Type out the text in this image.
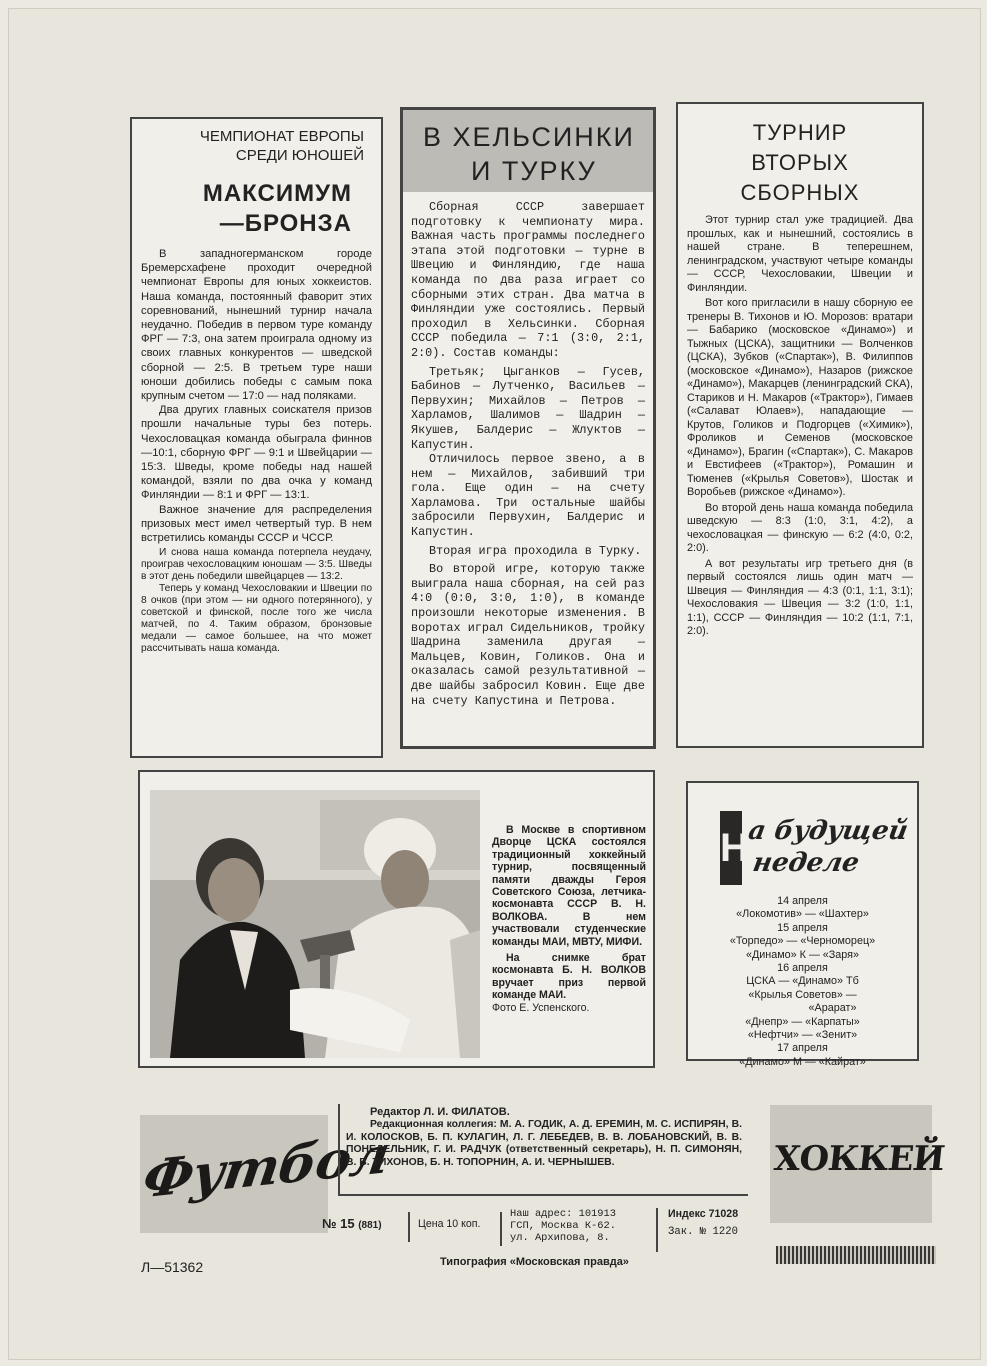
ЧЕМПИОНАТ ЕВРОПЫ
СРЕДИ ЮНОШЕЙ
МАКСИМУМ
—БРОНЗА

В западногерманском городе Бремерсхафене проходит очередной чемпионат Европы для юных хоккеистов. Наша команда, постоянный фаворит этих соревнований, нынешний турнир начала неудачно. Победив в первом туре команду ФРГ — 7:3, она затем проиграла одному из своих главных конкурентов — шведской сборной — 2:5. В третьем туре наши юноши добились победы с самым пока крупным счетом — 17:0 — над поляками.

Два других главных соискателя призов прошли начальные туры без потерь. Чехословацкая команда обыграла финнов—10:1, сборную ФРГ — 9:1 и Швейцарии — 15:3. Шведы, кроме победы над нашей командой, взяли по два очка у команд Финляндии — 8:1 и ФРГ — 13:1.

Важное значение для распределения призовых мест имел четвертый тур. В нем встретились команды СССР и ЧССР.

И снова наша команда потерпела неудачу, проиграв чехословацким юношам — 3:5. Шведы в этот день победили швейцарцев — 13:2.

Теперь у команд Чехословакии и Швеции по 8 очков (при этом — ни одного потерянного), у советской и финской, после того же числа матчей, по 4. Таким образом, бронзовые медали — самое большее, на что может рассчитывать наша команда.

В ХЕЛЬСИНКИ
И ТУРКУ

Сборная СССР завершает подготовку к чемпионату мира. Важная часть программы последнего этапа этой подготовки — турне в Швецию и Финляндию, где наша команда по два раза играет со сборными этих стран. Два матча в Финляндии уже состоялись. Первый проходил в Хельсинки. Сборная СССР победила — 7:1 (3:0, 2:1, 2:0). Состав команды:

Третьяк; Цыганков — Гусев, Бабинов — Лутченко, Васильев — Первухин; Михайлов — Петров — Харламов, Шалимов — Шадрин — Якушев, Балдерис — Жлуктов — Капустин.

Отличилось первое звено, а в нем — Михайлов, забивший три гола. Еще один — на счету Харламова. Три остальные шайбы забросили Первухин, Балдерис и Капустин.

Вторая игра проходила в Турку.

Во второй игре, которую также выиграла наша сборная, на сей раз 4:0 (0:0, 3:0, 1:0), в команде произошли некоторые изменения. В воротах играл Сидельников, тройку Шадрина заменила другая — Мальцев, Ковин, Голиков. Она и оказалась самой результативной — две шайбы забросил Ковин. Еще две на счету Капустина и Петрова.

ТУРНИР
ВТОРЫХ
СБОРНЫХ

Этот турнир стал уже традицией. Два прошлых, как и нынешний, состоялись в нашей стране. В теперешнем, ленинградском, участвуют четыре команды — СССР, Чехословакии, Швеции и Финляндии.

Вот кого пригласили в нашу сборную ее тренеры В. Тихонов и Ю. Морозов: вратари — Бабарико (московское «Динамо») и Тыжных (ЦСКА), защитники — Волченков (ЦСКА), Зубков («Спартак»), В. Филиппов (московское «Динамо»), Назаров (рижское «Динамо»), Макарцев (ленинградский СКА), Стариков и Н. Макаров («Трактор»), Гимаев («Салават Юлаев»), нападающие — Крутов, Голиков и Подгорцев («Химик»), Фроликов и Семенов (московское «Динамо»), Брагин («Спартак»), С. Макаров и Евстифеев («Трактор»), Ромашин и Тюменев («Крылья Советов»), Шостак и Воробьев (рижское «Динамо»).

Во второй день наша команда победила шведскую — 8:3 (1:0, 3:1, 4:2), а чехословацкая — финскую — 6:2 (4:0, 0:2, 2:0).

А вот результаты игр третьего дня (в первый состоялся лишь один матч — Швеция — Финляндия — 4:3 (0:1, 1:1, 3:1); Чехословакия — Швеция — 3:2 (1:0, 1:1, 1:1), СССР — Финляндия — 10:2 (1:1, 7:1, 2:0).

В Москве в спортивном Дворце ЦСКА состоялся традиционный хоккейный турнир, посвященный памяти дважды Героя Советского Союза, летчика-космонавта СССР В. Н. ВОЛКОВА. В нем участвовали студенческие команды МАИ, МВТУ, МИФИ.

На снимке брат космонавта Б. Н. ВОЛКОВ вручает приз первой команде МАИ.

Фото Е. Успенского.

Н
а будущей
неделе
14 апреля
«Локомотив» — «Шахтер»
15 апреля
«Торпедо» — «Черноморец»
«Динамо» К — «Заря»
16 апреля
ЦСКА — «Динамо» Тб
«Крылья Советов» —
«Арарат»
«Днепр» — «Карпаты»
«Нефтчи» — «Зенит»
17 апреля
«Динамо» М — «Кайрат»
Футбол
Редактор Л. И. ФИЛАТОВ.
Редакционная коллегия: М. А. ГОДИК, А. Д. ЕРЕМИН, М. С. ИСПИРЯН, В. И. КОЛОСКОВ, Б. П. КУЛАГИН, Л. Г. ЛЕБЕДЕВ, В. В. ЛОБАНОВСКИЙ, В. В. ПОНЕДЕЛЬНИК, Г. И. РАДЧУК (ответственный секретарь), Н. П. СИМОНЯН, В. В. ТИХОНОВ, Б. Н. ТОПОРНИН, А. И. ЧЕРНЫШЕВ.
№ 15 (881)	Цена 10 коп.
Наш адрес: 101913
ГСП, Москва К-62.
ул. Архипова, 8.
Индекс 71028
Зак. № 1220
ХОККЕЙ
Л—51362	Типография «Московская правда»
